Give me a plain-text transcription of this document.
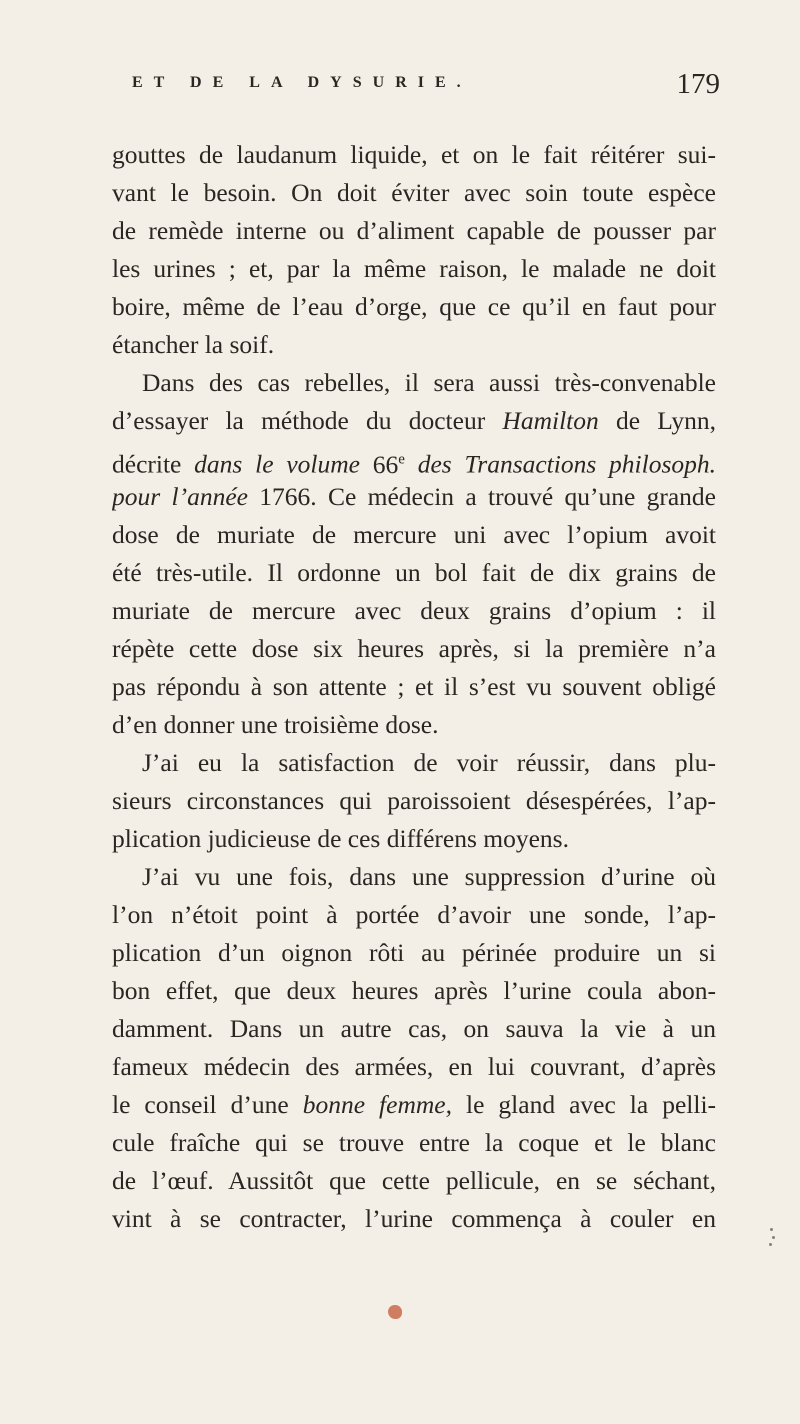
ET DE LA DYSURIE.	179
gouttes de laudanum liquide, et on le fait réitérer sui-
vant le besoin. On doit éviter avec soin toute espèce
de remède interne ou d’aliment capable de pousser par
les urines ; et, par la même raison, le malade ne doit
boire, même de l’eau d’orge, que ce qu’il en faut pour
étancher la soif.
Dans des cas rebelles, il sera aussi très-convenable
d’essayer la méthode du docteur Hamilton de Lynn,
décrite dans le volume 66e des Transactions philosoph.
pour l’année 1766. Ce médecin a trouvé qu’une grande
dose de muriate de mercure uni avec l’opium avoit
été très-utile. Il ordonne un bol fait de dix grains de
muriate de mercure avec deux grains d’opium : il
répète cette dose six heures après, si la première n’a
pas répondu à son attente ; et il s’est vu souvent obligé
d’en donner une troisième dose.
J’ai eu la satisfaction de voir réussir, dans plu-
sieurs circonstances qui paroissoient désespérées, l’ap-
plication judicieuse de ces différens moyens.
J’ai vu une fois, dans une suppression d’urine où
l’on n’étoit point à portée d’avoir une sonde, l’ap-
plication d’un oignon rôti au périnée produire un si
bon effet, que deux heures après l’urine coula abon-
damment. Dans un autre cas, on sauva la vie à un
fameux médecin des armées, en lui couvrant, d’après
le conseil d’une bonne femme, le gland avec la pelli-
cule fraîche qui se trouve entre la coque et le blanc
de l’œuf. Aussitôt que cette pellicule, en se séchant,
vint à se contracter, l’urine commença à couler en
